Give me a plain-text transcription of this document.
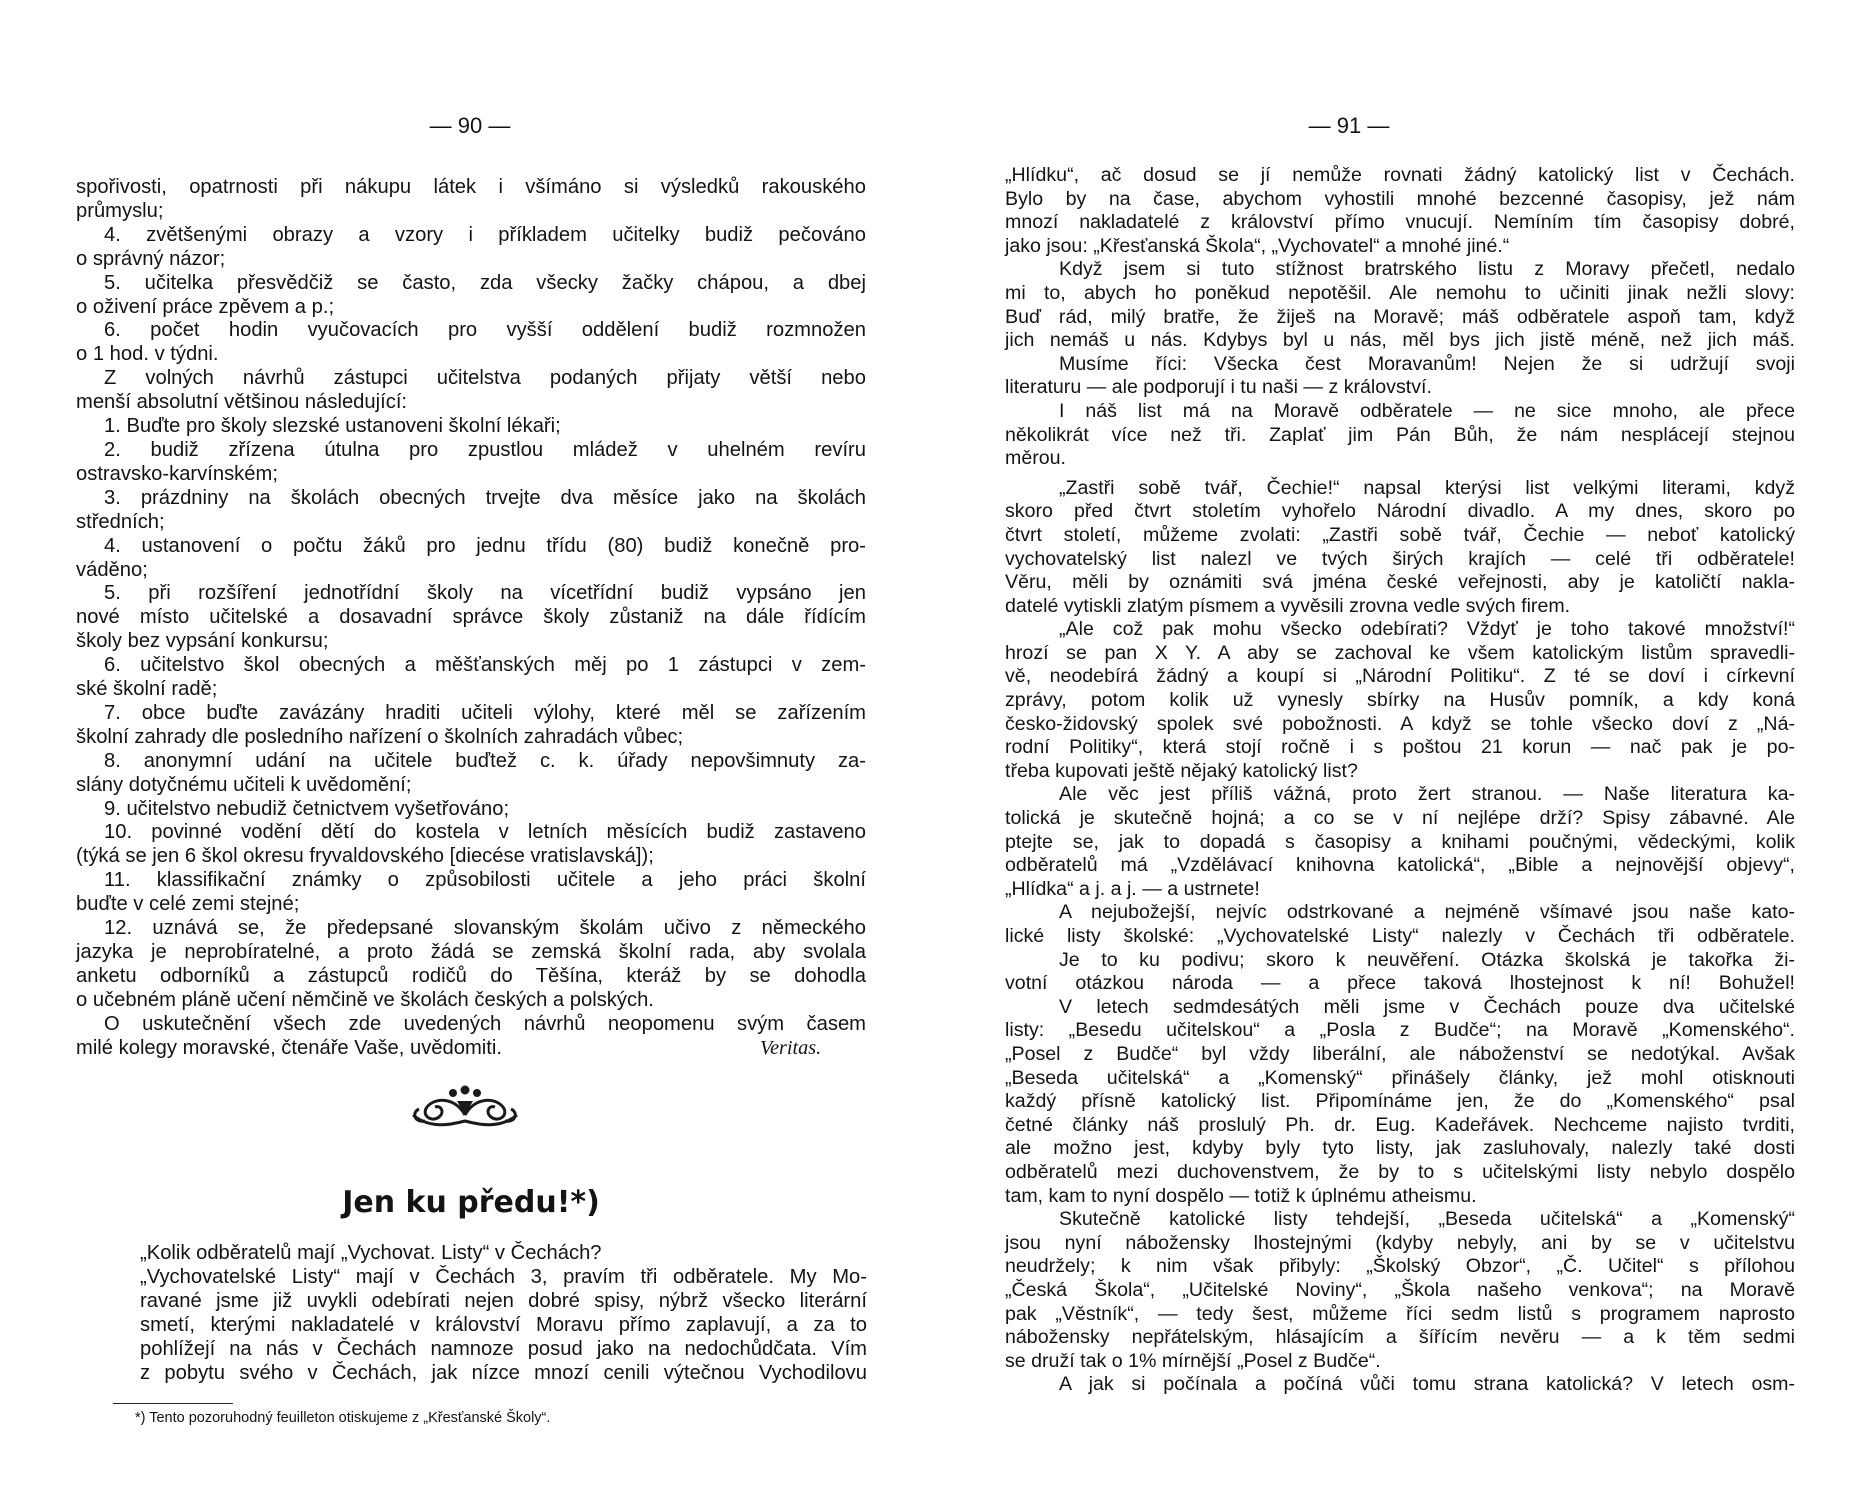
— 90 —
spořivosti, opatrnosti při nákupu látek i všímáno si výsledků rakouského
průmyslu;
4. zvětšenými obrazy a vzory i příkladem učitelky budiž pečováno
o správný názor;
5. učitelka přesvědčiž se často, zda všecky žačky chápou, a dbej
o oživení práce zpěvem a p.;
6. počet hodin vyučovacích pro vyšší oddělení budiž rozmnožen
o 1 hod. v týdni.
Z volných návrhů zástupci učitelstva podaných přijaty větší nebo
menší absolutní většinou následující:
1. Buďte pro školy slezské ustanoveni školní lékaři;
2. budiž zřízena útulna pro zpustlou mládež v uhelném revíru
ostravsko-karvínském;
3. prázdniny na školách obecných trvejte dva měsíce jako na školách
středních;
4. ustanovení o počtu žáků pro jednu třídu (80) budiž konečně pro-
váděno;
5. při rozšíření jednotřídní školy na vícetřídní budiž vypsáno jen
nové místo učitelské a dosavadní správce školy zůstaniž na dále řídícím
školy bez vypsání konkursu;
6. učitelstvo škol obecných a měšťanských měj po 1 zástupci v zem-
ské školní radě;
7. obce buďte zavázány hraditi učiteli výlohy, které měl se zařízením
školní zahrady dle posledního nařízení o školních zahradách vůbec;
8. anonymní udání na učitele buďtež c. k. úřady nepovšimnuty za-
slány dotyčnému učiteli k uvědomění;
9. učitelstvo nebudiž četnictvem vyšetřováno;
10. povinné vodění dětí do kostela v letních měsících budiž zastaveno
(týká se jen 6 škol okresu fryvaldovského [diecése vratislavská]);
11. klassifikační známky o způsobilosti učitele a jeho práci školní
buďte v celé zemi stejné;
12. uznává se, že předepsané slovanským školám učivo z německého
jazyka je neprobíratelné, a proto žádá se zemská školní rada, aby svolala
anketu odborníků a zástupců rodičů do Těšína, kteráž by se dohodla
o učebném pláně učení němčině ve školách českých a polských.
O uskutečnění všech zde uvedených návrhů neopomenu svým časem
milé kolegy moravské, čtenáře Vaše, uvědomiti.	Veritas.
Jen ku předu!*)
„Kolik odběratelů mají „Vychovat. Listy“ v Čechách?
„Vychovatelské Listy“ mají v Čechách 3, pravím tři odběratele. My Mo-
ravané jsme již uvykli odebírati nejen dobré spisy, nýbrž všecko literární
smetí, kterými nakladatelé v království Moravu přímo zaplavují, a za to
pohlížejí na nás v Čechách namnoze posud jako na nedochůdčata. Vím
z pobytu svého v Čechách, jak nízce mnozí cenili výtečnou Vychodilovu
*) Tento pozoruhodný feuilleton otiskujeme z „Křesťanské Školy“.
— 91 —
„Hlídku“, ač dosud se jí nemůže rovnati žádný katolický list v Čechách.
Bylo by na čase, abychom vyhostili mnohé bezcenné časopisy, jež nám
mnozí nakladatelé z království přímo vnucují. Nemíním tím časopisy dobré,
jako jsou: „Křesťanská Škola“, „Vychovatel“ a mnohé jiné.“
Když jsem si tuto stížnost bratrského listu z Moravy přečetl, nedalo
mi to, abych ho poněkud nepotěšil. Ale nemohu to učiniti jinak nežli slovy:
Buď rád, milý bratře, že žiješ na Moravě; máš odběratele aspoň tam, když
jich nemáš u nás. Kdybys byl u nás, měl bys jich jistě méně, než jich máš.
Musíme říci: Všecka čest Moravanům! Nejen že si udržují svoji
literaturu — ale podporují i tu naši — z království.
I náš list má na Moravě odběratele — ne sice mnoho, ale přece
několikrát více než tři. Zaplať jim Pán Bůh, že nám nesplácejí stejnou
měrou.
„Zastři sobě tvář, Čechie!“ napsal kterýsi list velkými literami, když
skoro před čtvrt stoletím vyhořelo Národní divadlo. A my dnes, skoro po
čtvrt století, můžeme zvolati: „Zastři sobě tvář, Čechie — neboť katolický
vychovatelský list nalezl ve tvých širých krajích — celé tři odběratele!
Věru, měli by oznámiti svá jména české veřejnosti, aby je katoličtí nakla-
datelé vytiskli zlatým písmem a vyvěsili zrovna vedle svých firem.
„Ale což pak mohu všecko odebírati? Vždyť je toho takové množství!“
hrozí se pan X Y. A aby se zachoval ke všem katolickým listům spravedli-
vě, neodebírá žádný a koupí si „Národní Politiku“. Z té se doví i církevní
zprávy, potom kolik už vynesly sbírky na Husův pomník, a kdy koná
česko-židovský spolek své pobožnosti. A když se tohle všecko doví z „Ná-
rodní Politiky“, která stojí ročně i s poštou 21 korun — nač pak je po-
třeba kupovati ještě nějaký katolický list?
Ale věc jest příliš vážná, proto žert stranou. — Naše literatura ka-
tolická je skutečně hojná; a co se v ní nejlépe drží? Spisy zábavné. Ale
ptejte se, jak to dopadá s časopisy a knihami poučnými, vědeckými, kolik
odběratelů má „Vzdělávací knihovna katolická“, „Bible a nejnovější objevy“,
„Hlídka“ a j. a j. — a ustrnete!
A nejubožejší, nejvíc odstrkované a nejméně všímavé jsou naše kato-
lické listy školské: „Vychovatelské Listy“ nalezly v Čechách tři odběratele.
Je to ku podivu; skoro k neuvěření. Otázka školská je takořka ži-
votní otázkou národa — a přece taková lhostejnost k ní! Bohužel!
V letech sedmdesátých měli jsme v Čechách pouze dva učitelské
listy: „Besedu učitelskou“ a „Posla z Budče“; na Moravě „Komenského“.
„Posel z Budče“ byl vždy liberální, ale náboženství se nedotýkal. Avšak
„Beseda učitelská“ a „Komenský“ přinášely články, jež mohl otisknouti
každý přísně katolický list. Připomínáme jen, že do „Komenského“ psal
četné články náš proslulý Ph. dr. Eug. Kadeřávek. Nechceme najisto tvrditi,
ale možno jest, kdyby byly tyto listy, jak zasluhovaly, nalezly také dosti
odběratelů mezi duchovenstvem, že by to s učitelskými listy nebylo dospělo
tam, kam to nyní dospělo — totiž k úplnému atheismu.
Skutečně katolické listy tehdejší, „Beseda učitelská“ a „Komenský“
jsou nyní nábožensky lhostejnými (kdyby nebyly, ani by se v učitelstvu
neudržely; k nim však přibyly: „Školský Obzor“, „Č. Učitel“ s přílohou
„Česká Škola“, „Učitelské Noviny“, „Škola našeho venkova“; na Moravě
pak „Věstník“, — tedy šest, můžeme říci sedm listů s programem naprosto
nábožensky nepřátelským, hlásajícím a šířícím nevěru — a k těm sedmi
se druží tak o 1% mírnější „Posel z Budče“.
A jak si počínala a počíná vůči tomu strana katolická? V letech osm-
